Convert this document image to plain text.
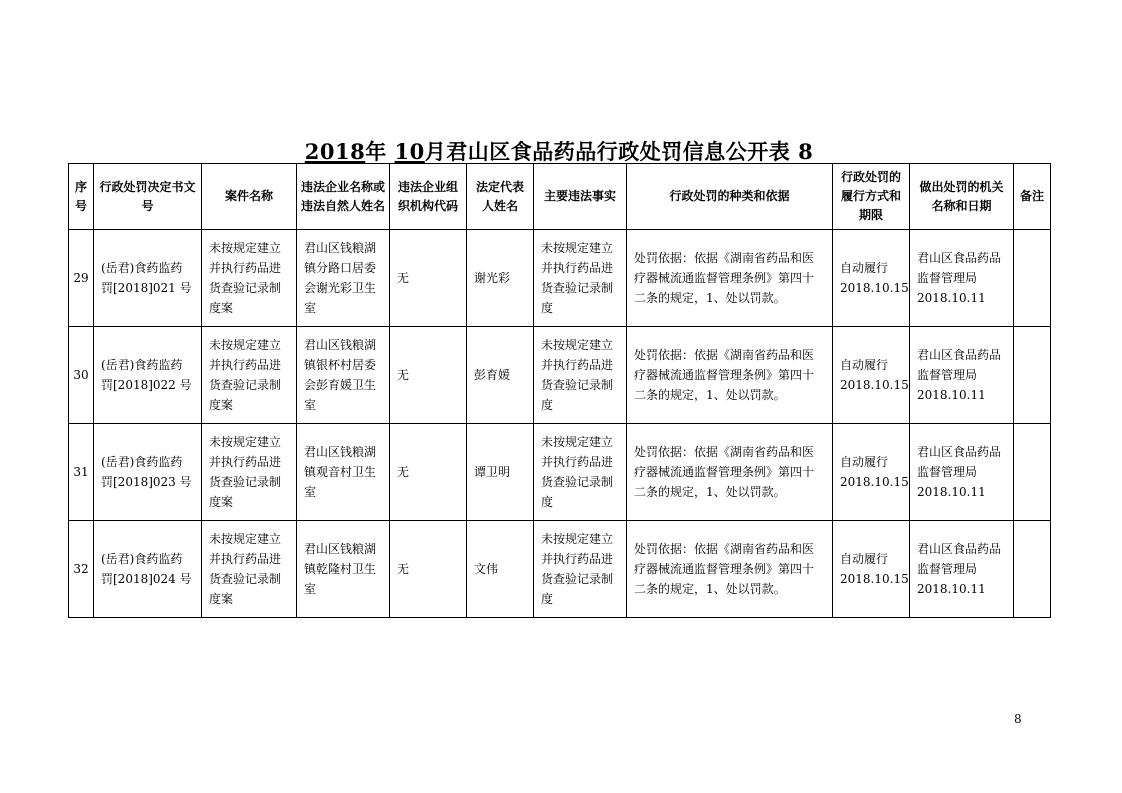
2018年 10月君山区食品药品行政处罚信息公开表 8
序号	行政处罚决定书文号	案件名称	违法企业名称或违法自然人姓名	违法企业组织机构代码	法定代表人姓名	主要违法事实	行政处罚的种类和依据	行政处罚的履行方式和期限	做出处罚的机关名称和日期	备注
29	(岳君)食药监药罚[2018]021 号	未按规定建立并执行药品进货查验记录制度案	君山区钱粮湖镇分路口居委会谢光彩卫生室	无	谢光彩	未按规定建立并执行药品进货查验记录制度	处罚依据：依据《湖南省药品和医疗器械流通监督管理条例》第四十二条的规定，1、处以罚款。	自动履行 2018.10.15	君山区食品药品监督管理局 2018.10.11	
30	(岳君)食药监药罚[2018]022 号	未按规定建立并执行药品进货查验记录制度案	君山区钱粮湖镇银杯村居委会彭育媛卫生室	无	彭育媛	未按规定建立并执行药品进货查验记录制度	处罚依据：依据《湖南省药品和医疗器械流通监督管理条例》第四十二条的规定，1、处以罚款。	自动履行 2018.10.15	君山区食品药品监督管理局 2018.10.11	
31	(岳君)食药监药罚[2018]023 号	未按规定建立并执行药品进货查验记录制度案	君山区钱粮湖镇观音村卫生室	无	谭卫明	未按规定建立并执行药品进货查验记录制度	处罚依据：依据《湖南省药品和医疗器械流通监督管理条例》第四十二条的规定，1、处以罚款。	自动履行 2018.10.15	君山区食品药品监督管理局 2018.10.11	
32	(岳君)食药监药罚[2018]024 号	未按规定建立并执行药品进货查验记录制度案	君山区钱粮湖镇乾隆村卫生室	无	文伟	未按规定建立并执行药品进货查验记录制度	处罚依据：依据《湖南省药品和医疗器械流通监督管理条例》第四十二条的规定，1、处以罚款。	自动履行 2018.10.15	君山区食品药品监督管理局 2018.10.11	
8
